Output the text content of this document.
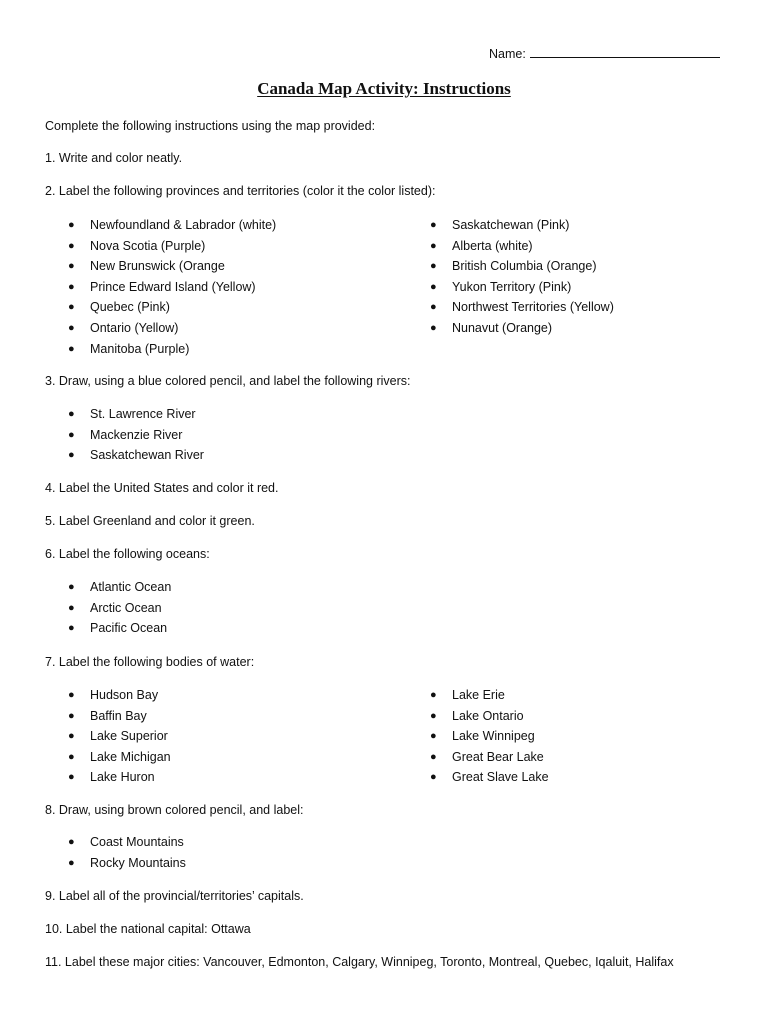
Name:
Canada Map Activity: Instructions
Complete the following instructions using the map provided:
1. Write and color neatly.
2. Label the following provinces and territories (color it the color listed):
● Newfoundland & Labrador (white)
● Nova Scotia (Purple)
● New Brunswick (Orange
● Prince Edward Island (Yellow)
● Quebec (Pink)
● Ontario (Yellow)
● Manitoba (Purple)
● Saskatchewan (Pink)
● Alberta (white)
● British Columbia (Orange)
● Yukon Territory (Pink)
● Northwest Territories (Yellow)
● Nunavut (Orange)
3. Draw, using a blue colored pencil, and label the following rivers:
● St. Lawrence River
● Mackenzie River
● Saskatchewan River
4. Label the United States and color it red.
5. Label Greenland and color it green.
6. Label the following oceans:
● Atlantic Ocean
● Arctic Ocean
● Pacific Ocean
7. Label the following bodies of water:
● Hudson Bay
● Baffin Bay
● Lake Superior
● Lake Michigan
● Lake Huron
● Lake Erie
● Lake Ontario
● Lake Winnipeg
● Great Bear Lake
● Great Slave Lake
8. Draw, using brown colored pencil, and label:
● Coast Mountains
● Rocky Mountains
9. Label all of the provincial/territories’ capitals.
10. Label the national capital: Ottawa
11. Label these major cities: Vancouver, Edmonton, Calgary, Winnipeg, Toronto, Montreal, Quebec, Iqaluit, Halifax
